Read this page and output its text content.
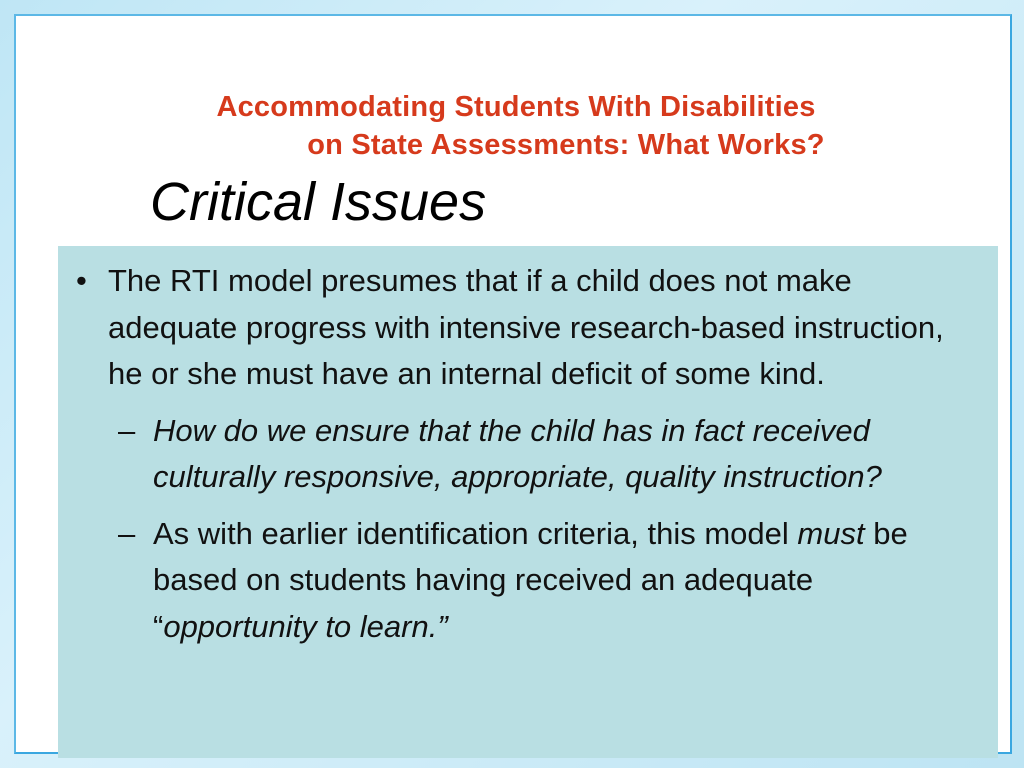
Accommodating Students With Disabilities
on State Assessments: What Works?
Critical Issues

• The RTI model presumes that if a child does not make adequate progress with intensive research-based instruction, he or she must have an internal deficit of some kind.

– How do we ensure that the child has in fact received culturally responsive, appropriate, quality instruction?
– As with earlier identification criteria, this model must be based on students having received an adequate “opportunity to learn.”
